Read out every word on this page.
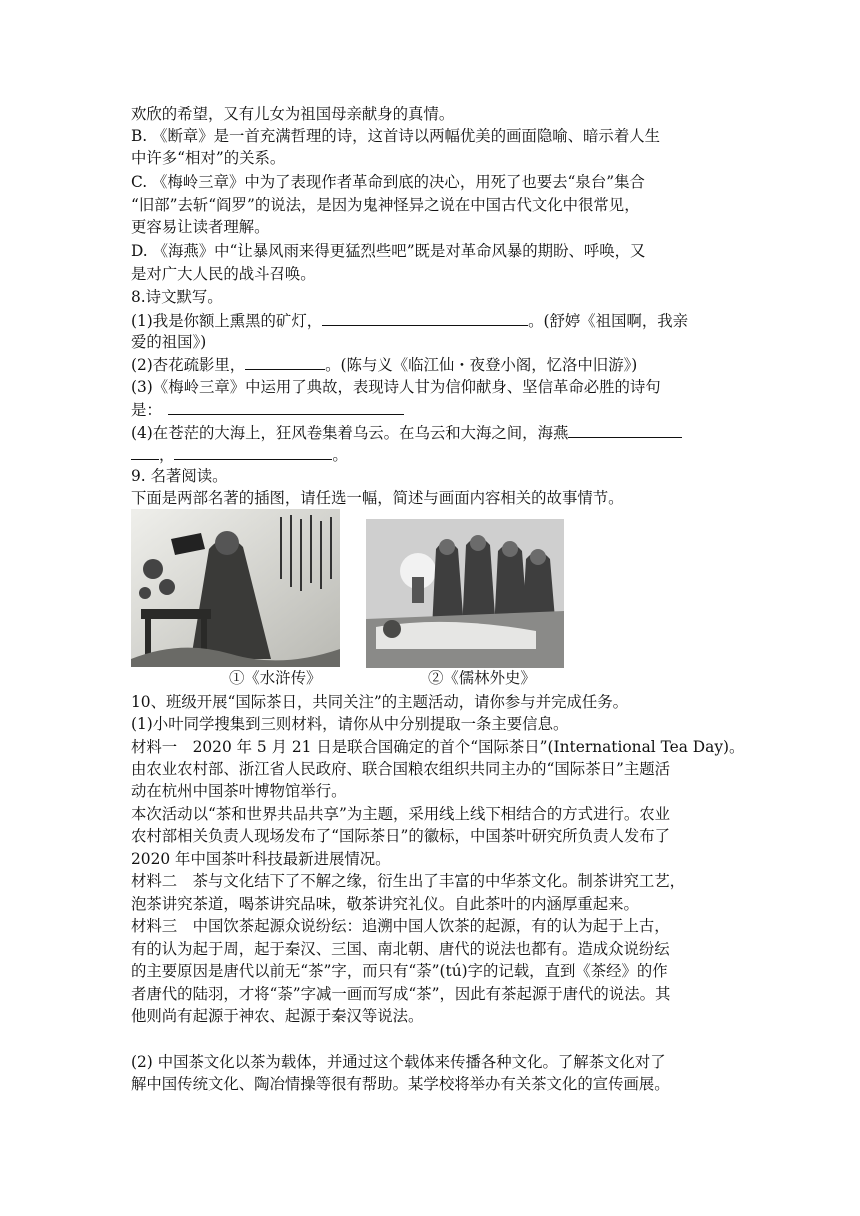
欢欣的希望，又有儿女为祖国母亲献身的真情。
B. 《断章》是一首充满哲理的诗，这首诗以两幅优美的画面隐喻、暗示着人生
中许多“相对”的关系。
C. 《梅岭三章》中为了表现作者革命到底的决心，用死了也要去“泉台”集合
“旧部”去斩“阎罗”的说法，是因为鬼神怪异之说在中国古代文化中很常见，
更容易让读者理解。
D. 《海燕》中“让暴风雨来得更猛烈些吧”既是对革命风暴的期盼、呼唤，又
是对广大人民的战斗召唤。
8.诗文默写。
(1)我是你额上熏黑的矿灯，	。(舒婷《祖国啊，我亲
爱的祖国》)
(2)杏花疏影里，	。(陈与义《临江仙・夜登小阁，忆洛中旧游》)
(3)《梅岭三章》中运用了典故，表现诗人甘为信仰献身、坚信革命必胜的诗句
是：
(4)在苍茫的大海上，狂风卷集着乌云。在乌云和大海之间，海燕
，	。
9. 名著阅读。
下面是两部名著的插图，请任选一幅，简述与画面内容相关的故事情节。
①《水浒传》	②《儒林外史》
10、班级开展“国际茶日，共同关注”的主题活动，请你参与并完成任务。
(1)小叶同学搜集到三则材料，请你从中分别提取一条主要信息。
材料一　2020 年 5 月 21 日是联合国确定的首个“国际茶日”(International Tea Day)。
由农业农村部、浙江省人民政府、联合国粮农组织共同主办的“国际茶日”主题活
动在杭州中国茶叶博物馆举行。
本次活动以“茶和世界共品共享”为主题，采用线上线下相结合的方式进行。农业
农村部相关负责人现场发布了“国际茶日”的徽标，中国茶叶研究所负责人发布了
2020 年中国茶叶科技最新进展情况。
材料二　茶与文化结下了不解之缘，衍生出了丰富的中华茶文化。制茶讲究工艺，
泡茶讲究茶道，喝茶讲究品味，敬茶讲究礼仪。自此茶叶的内涵厚重起来。
材料三　中国饮茶起源众说纷纭：追溯中国人饮茶的起源，有的认为起于上古，
有的认为起于周，起于秦汉、三国、南北朝、唐代的说法也都有。造成众说纷纭
的主要原因是唐代以前无“茶”字，而只有“荼”(tú)字的记载，直到《茶经》的作
者唐代的陆羽，才将“荼”字减一画而写成“茶”，因此有茶起源于唐代的说法。其
他则尚有起源于神农、起源于秦汉等说法。
(2) 中国茶文化以茶为载体，并通过这个载体来传播各种文化。了解茶文化对了
解中国传统文化、陶冶情操等很有帮助。某学校将举办有关茶文化的宣传画展。
